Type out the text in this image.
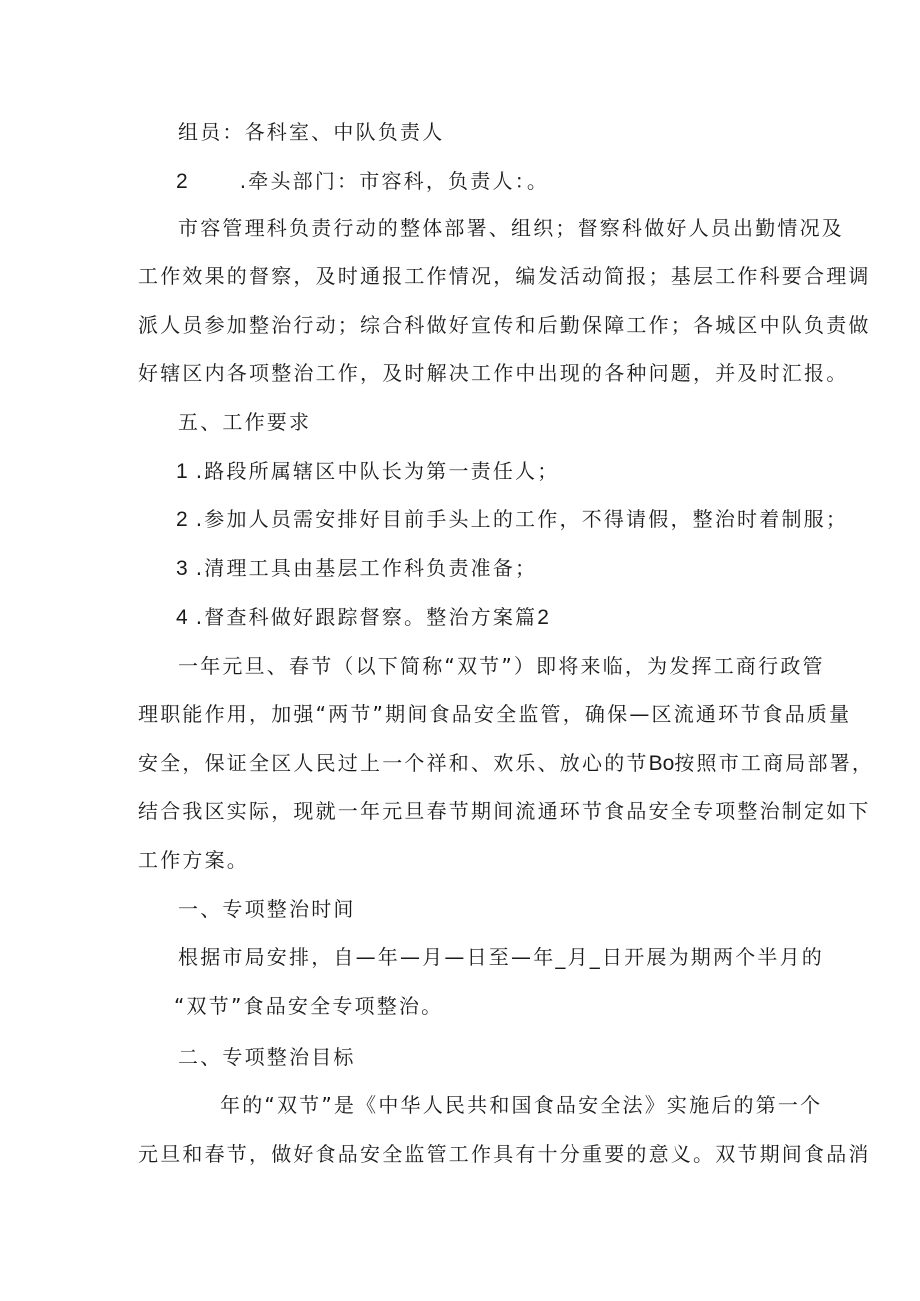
组员：各科室、中队负责人
2	.牵头部门：市容科，负责人：。
市容管理科负责行动的整体部署、组织；督察科做好人员出勤情况及
工作效果的督察，及时通报工作情况，编发活动简报；基层工作科要合理调
派人员参加整治行动；综合科做好宣传和后勤保障工作；各城区中队负责做
好辖区内各项整治工作，及时解决工作中出现的各种问题，并及时汇报。
五、工作要求
1 .路段所属辖区中队长为第一责任人；
2 .参加人员需安排好目前手头上的工作，不得请假，整治时着制服；
3 .清理工具由基层工作科负责准备；
4 .督查科做好跟踪督察。整治方案篇2
一年元旦、春节（以下简称“双节”）即将来临，为发挥工商行政管
理职能作用，加强“两节”期间食品安全监管，确保—区流通环节食品质量
安全，保证全区人民过上一个祥和、欢乐、放心的节Bo按照市工商局部署，
结合我区实际，现就一年元旦春节期间流通环节食品安全专项整治制定如下
工作方案。
一、专项整治时间
根据市局安排，自—年—月—日至—年_月_日开展为期两个半月的
“双节”食品安全专项整治。
二、专项整治目标
年的“双节”是《中华人民共和国食品安全法》实施后的第一个
元旦和春节，做好食品安全监管工作具有十分重要的意义。双节期间食品消
